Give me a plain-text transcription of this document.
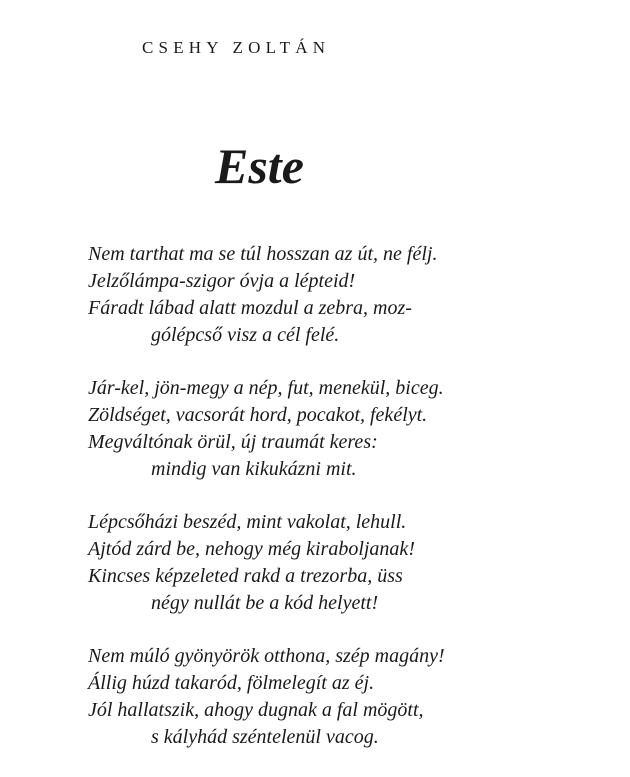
CSEHY ZOLTÁN
Este
Nem tarthat ma se túl hosszan az út, ne félj.
Jelzőlámpa-szigor óvja a lépteid!
Fáradt lábad alatt mozdul a zebra, moz-
gólépcső visz a cél felé.
Jár-kel, jön-megy a nép, fut, menekül, biceg.
Zöldséget, vacsorát hord, pocakot, fekélyt.
Megváltónak örül, új traumát keres:
mindig van kikukázni mit.
Lépcsőházi beszéd, mint vakolat, lehull.
Ajtód zárd be, nehogy még kiraboljanak!
Kincses képzeleted rakd a trezorba, üss
négy nullát be a kód helyett!
Nem múló gyönyörök otthona, szép magány!
Állig húzd takaród, fölmelegít az éj.
Jól hallatszik, ahogy dugnak a fal mögött,
s kályhád széntelenül vacog.
